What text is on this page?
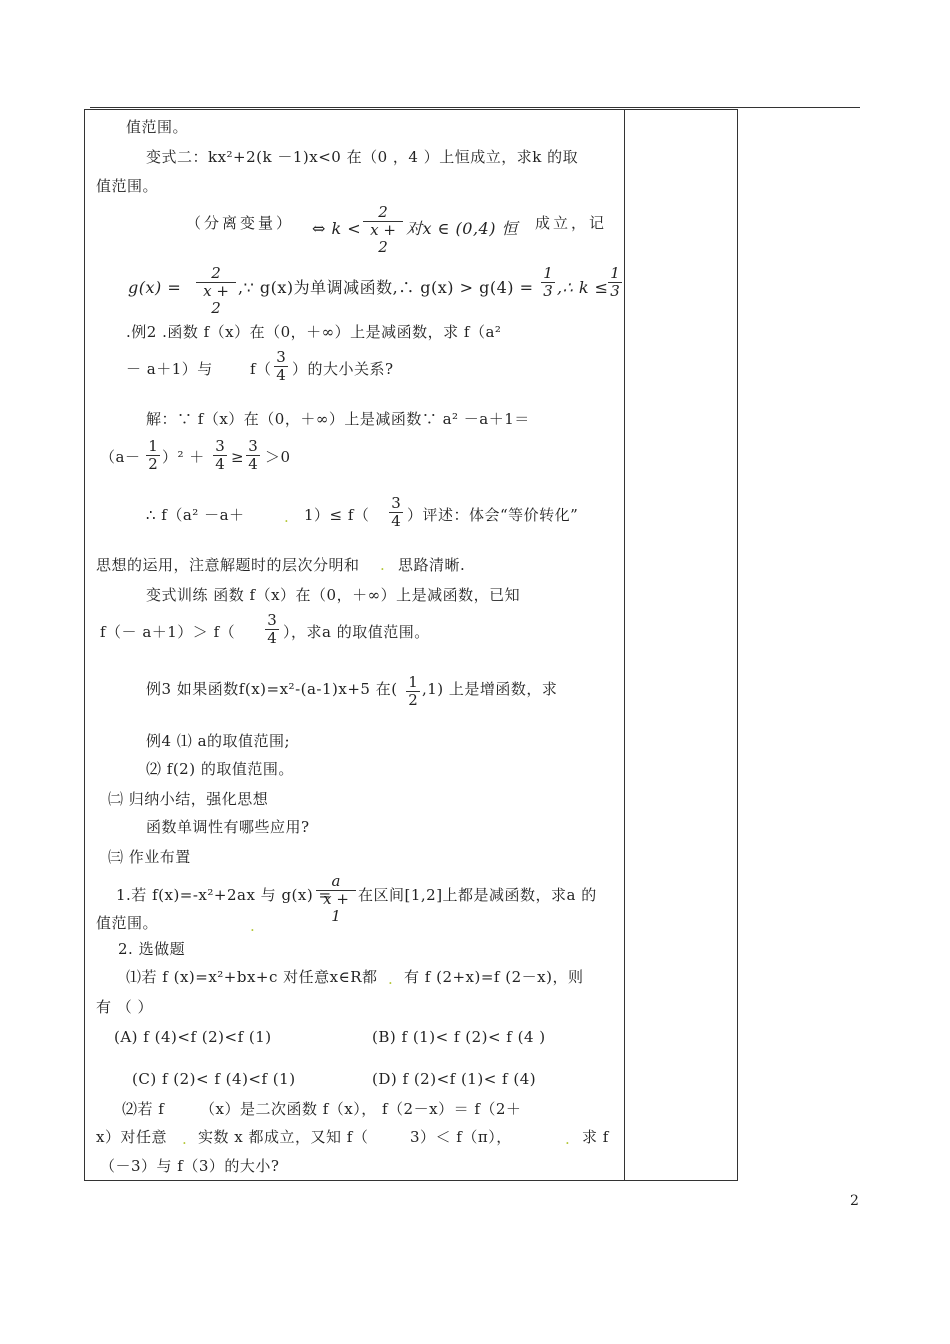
值范围。
变式二：kx²+2(k －1)x<0 在（0 ，4 ）上恒成立，求k 的取
值范围。
（分离变量） ⇔ $k < \frac{2}{x + 2}$ 对x ∈ (0,4) 恒 成立，记
$g(x) = \frac{2}{x + 2}$ ,∵ g(x)为单调减函数,∴ $g(x) > g(4) = \frac{1}{3}$ ,∴ $k \le \frac{1}{3}$
.例2 .函数 f（x）在（0，＋∞）上是减函数，求 f（a²
－ a＋1）与 $f( \frac{3}{4}$ ）的大小关系?
解：∵ f（x）在（0，＋∞）上是减函数∵ a² －a＋1＝
$(a- \frac{1}{2} )^2 + \frac{3}{4} \ge \frac{3}{4} >0$
∴ f（a² －a＋	. $1)\le f( \frac{3}{4}$ ）评述：体会“等价转化”
思想的运用，注意解题时的层次分明和 . 思路清晰.
变式训练 函数 f（x）在（0，＋∞）上是减函数，已知
$f(- a+1)> f( \frac{3}{4}$ ），求a 的取值范围。
例3 如果函数f(x)=x²-(a-1)x+5 在( $\frac{1}{2} ,1$) 上是增函数，求
例4 ⑴ a的取值范围;
⑵ f(2) 的取值范围。
㈡ 归纳小结，强化思想
函数单调性有哪些应用?
㈢ 作业布置
1.若 f(x)=-x²+2ax 与 g(x) =
$\frac{a}{x + 1}$ 在区间[1,2]上都是减函数，求a 的
值范围。	.
2. 选做题
⑴若 f (x)=x²+bx+c 对任意x∈R都 . 有 f (2+x)=f (2－x)，则
有 （ ）
(A) f (4)<f (2)<f (1)	(B) f (1)< f (2)< f (4 )
(C) f (2)< f (4)<f (1)	(D) f (2)<f (1)< f (4)
⑵若 f （x）是二次函数 f（x）， f（2－x）＝ f（2＋
x）对任意 . 实数 x 都成立，又知 f（	3）＜ f（π），	. 求 f
（－3）与 f（3）的大小?
2
